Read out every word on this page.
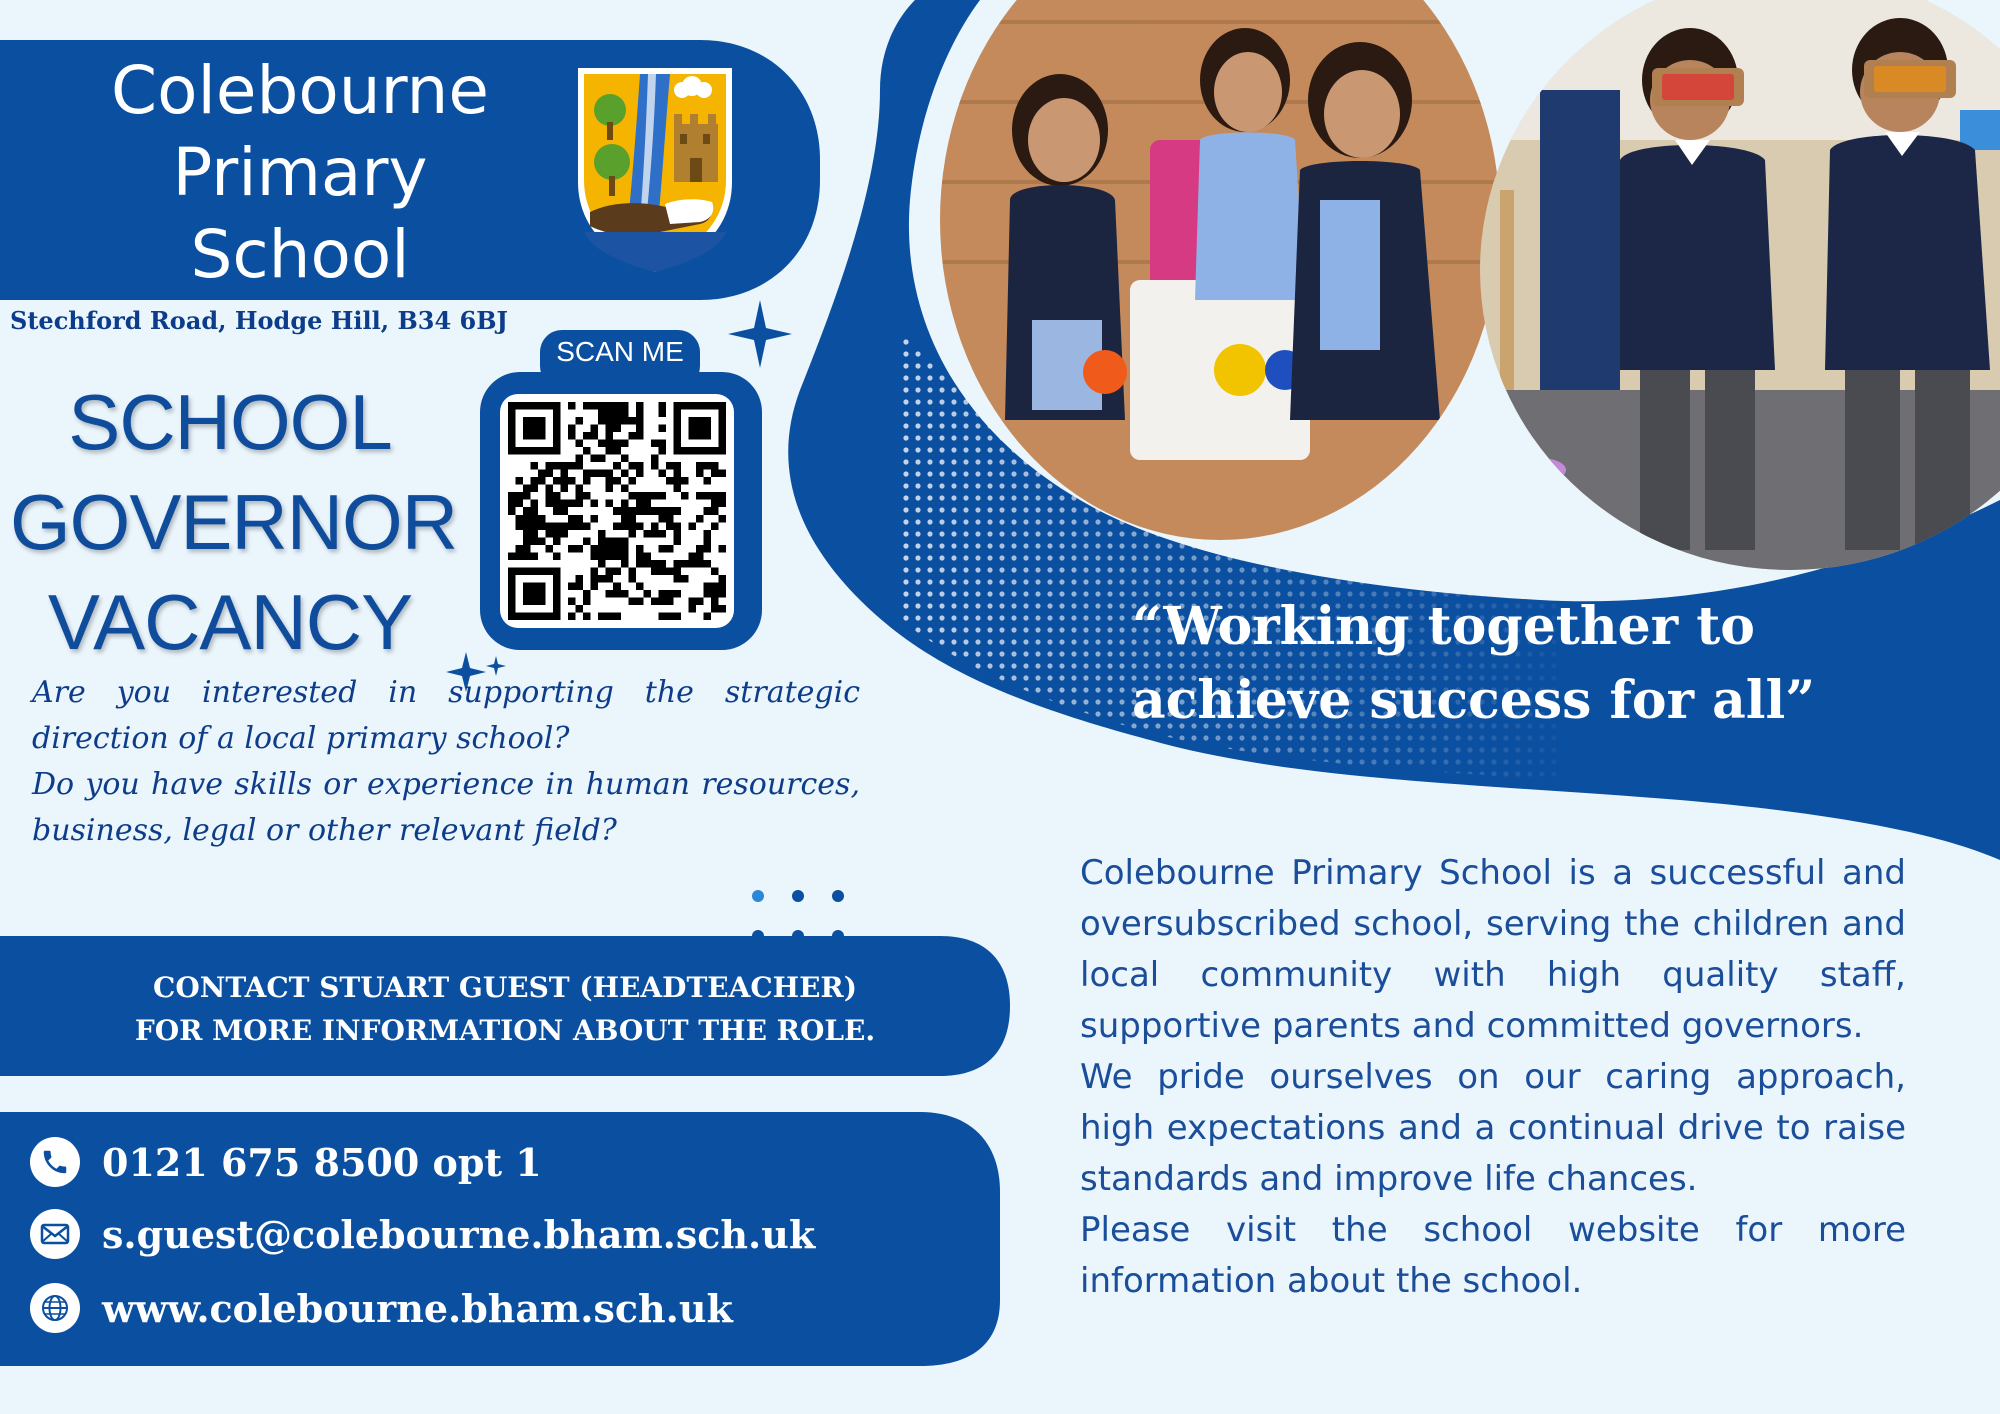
Colebourne
Primary
School
Stechford Road, Hodge Hill, B34 6BJ
SCHOOL
GOVERNOR
VACANCY
SCAN ME

Are you interested in supporting the strategic direction of a local primary school?

Do you have skills or experience in human resources, business, legal or other relevant field?

CONTACT STUART GUEST (HEADTEACHER)
FOR MORE INFORMATION ABOUT THE ROLE.
0121 675 8500 opt 1
s.guest@colebourne.bham.sch.uk
www.colebourne.bham.sch.uk
“Working together to
achieve success for all”

Colebourne Primary School is a successful and oversubscribed school, serving the children and local community with high quality staff, supportive parents and committed governors.

We pride ourselves on our caring approach, high expectations and a continual drive to raise standards and improve life chances.

Please visit the school website for more information about the school.
